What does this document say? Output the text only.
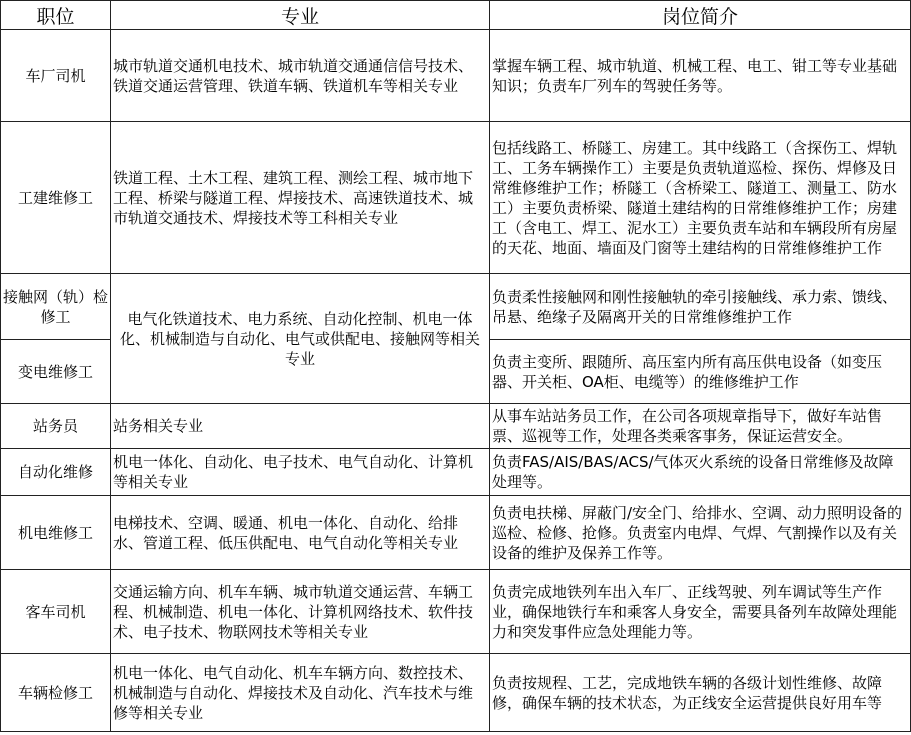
职位	专业	岗位简介
车厂司机	城市轨道交通机电技术、城市轨道交通通信信号技术、铁道交通运营管理、铁道车辆、铁道机车等相关专业	掌握车辆工程、城市轨道、机械工程、电工、钳工等专业基础知识；负责车厂列车的驾驶任务等。
工建维修工	铁道工程、土木工程、建筑工程、测绘工程、城市地下工程、桥梁与隧道工程、焊接技术、高速铁道技术、城市轨道交通技术、焊接技术等工科相关专业	包括线路工、桥隧工、房建工。其中线路工（含探伤工、焊轨工、工务车辆操作工）主要是负责轨道巡检、探伤、焊修及日常维修维护工作；桥隧工（含桥梁工、隧道工、测量工、防水工）主要负责桥梁、隧道土建结构的日常维修维护工作；房建工（含电工、焊工、泥水工）主要负责车站和车辆段所有房屋的天花、地面、墙面及门窗等土建结构的日常维修维护工作
接触网（轨）检修工	电气化铁道技术、电力系统、自动化控制、机电一体化、机械制造与自动化、电气或供配电、接触网等相关专业	负责柔性接触网和刚性接触轨的牵引接触线、承力索、馈线、吊悬、绝缘子及隔离开关的日常维修维护工作
变电维修工		负责主变所、跟随所、高压室内所有高压供电设备（如变压器、开关柜、OA柜、电缆等）的维修维护工作
站务员	站务相关专业	从事车站站务员工作，在公司各项规章指导下，做好车站售票、巡视等工作，处理各类乘客事务，保证运营安全。
自动化维修	机电一体化、自动化、电子技术、电气自动化、计算机等相关专业	负责FAS/AIS/BAS/ACS/气体灭火系统的设备日常维修及故障处理等。
机电维修工	电梯技术、空调、暖通、机电一体化、自动化、给排水、管道工程、低压供配电、电气自动化等相关专业	负责电扶梯、屏蔽门/安全门、给排水、空调、动力照明设备的巡检、检修、抢修。负责室内电焊、气焊、气割操作以及有关设备的维护及保养工作等。
客车司机	交通运输方向、机车车辆、城市轨道交通运营、车辆工程、机械制造、机电一体化、计算机网络技术、软件技术、电子技术、物联网技术等相关专业	负责完成地铁列车出入车厂、正线驾驶、列车调试等生产作业，确保地铁行车和乘客人身安全，需要具备列车故障处理能力和突发事件应急处理能力等。
车辆检修工	机电一体化、电气自动化、机车车辆方向、数控技术、机械制造与自动化、焊接技术及自动化、汽车技术与维修等相关专业	负责按规程、工艺，完成地铁车辆的各级计划性维修、故障修，确保车辆的技术状态，为正线安全运营提供良好用车等
